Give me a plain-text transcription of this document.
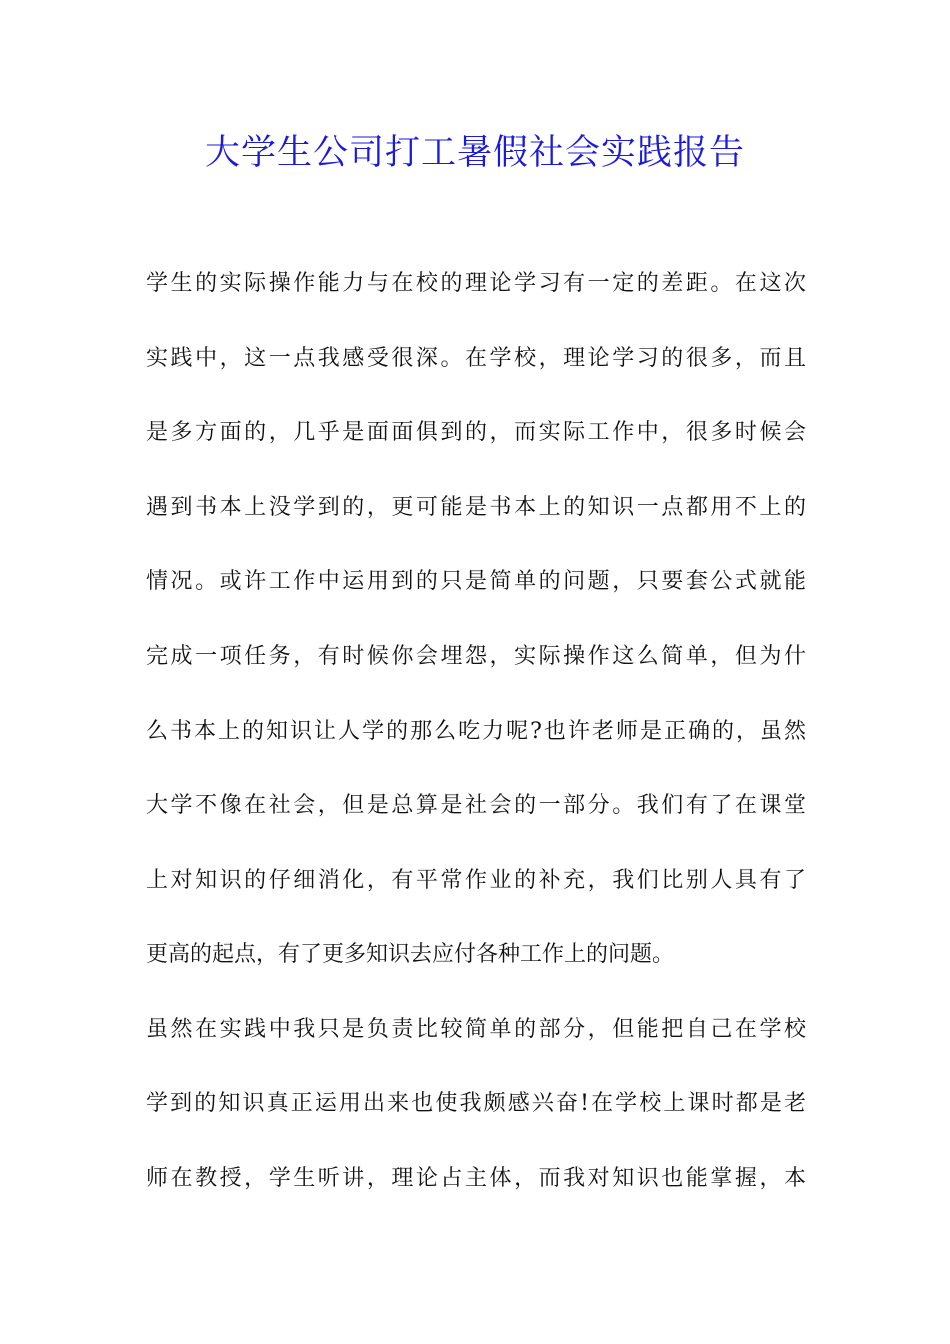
大学生公司打工暑假社会实践报告

学生的实际操作能力与在校的理论学习有一定的差距。在这次

实践中，这一点我感受很深。在学校，理论学习的很多，而且

是多方面的，几乎是面面俱到的，而实际工作中，很多时候会

遇到书本上没学到的，更可能是书本上的知识一点都用不上的

情况。或许工作中运用到的只是简单的问题，只要套公式就能

完成一项任务，有时候你会埋怨，实际操作这么简单，但为什

么书本上的知识让人学的那么吃力呢?也许老师是正确的，虽然

大学不像在社会，但是总算是社会的一部分。我们有了在课堂

上对知识的仔细消化，有平常作业的补充，我们比别人具有了

更高的起点，有了更多知识去应付各种工作上的问题。

虽然在实践中我只是负责比较简单的部分，但能把自己在学校

学到的知识真正运用出来也使我颇感兴奋!在学校上课时都是老

师在教授，学生听讲，理论占主体，而我对知识也能掌握，本
